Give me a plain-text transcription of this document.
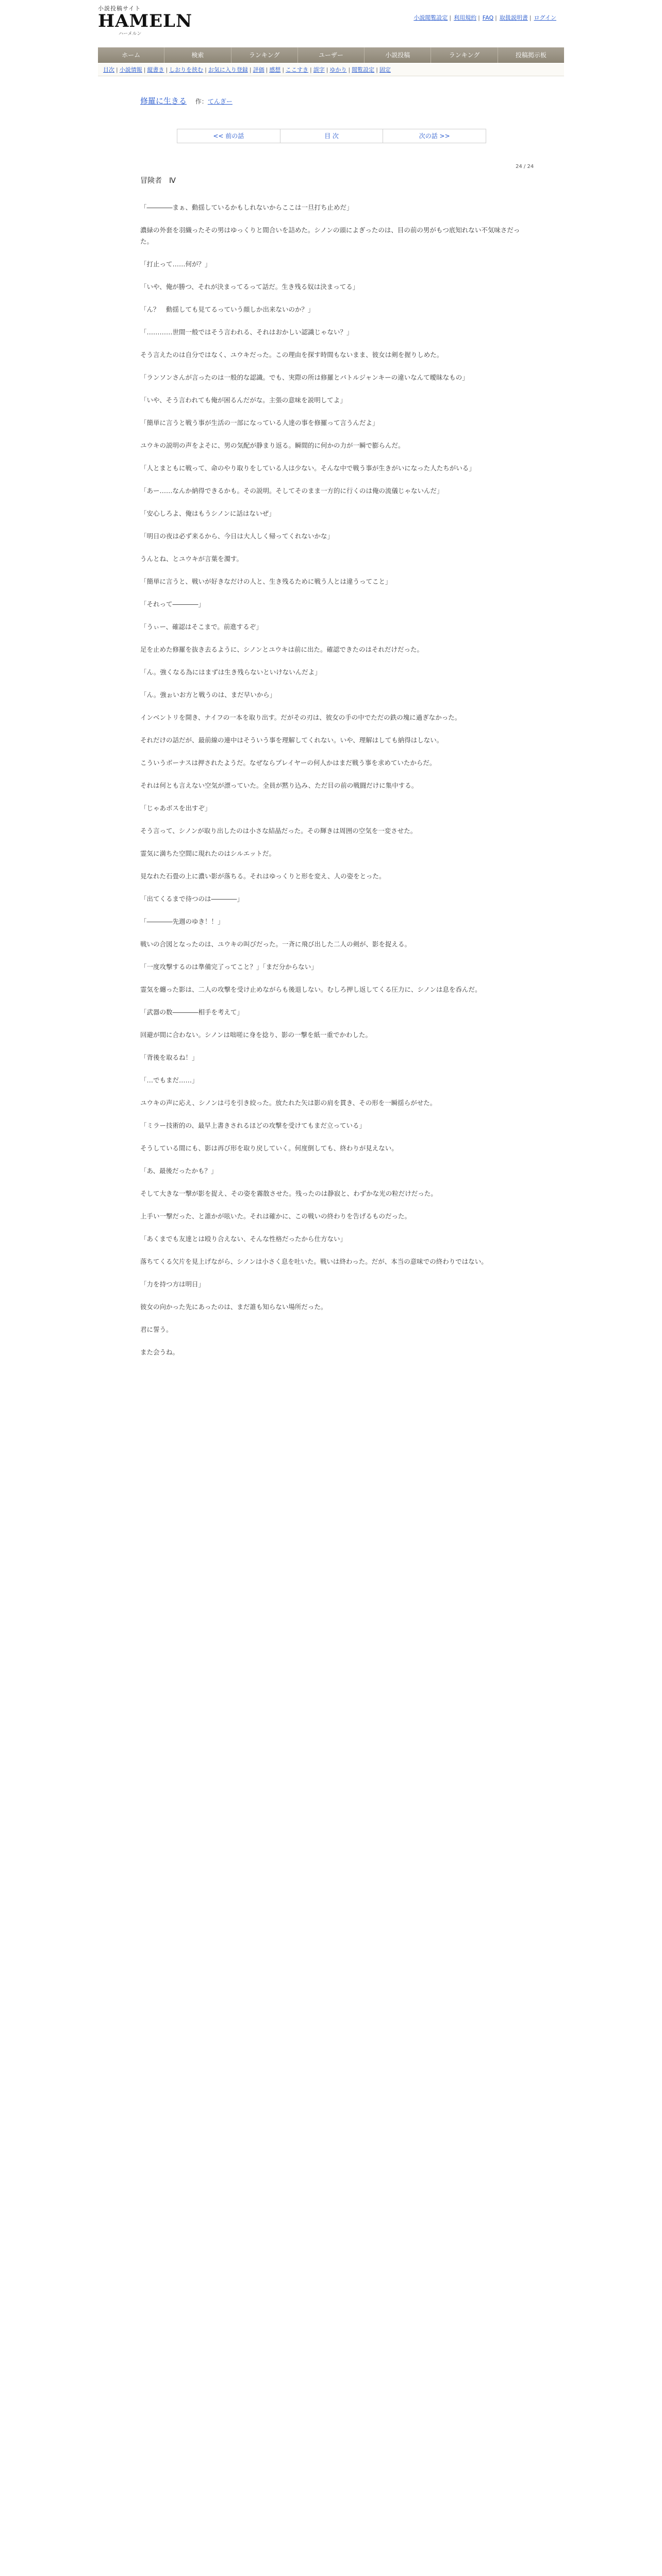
小説投稿サイト
HAMELN
ハーメルン
小説閲覧設定 | 利用規約 | FAQ | 取扱説明書 | ログイン
ホーム	検索	ランキング	ユーザー	小説投稿	ランキング	投稿掲示板
目次 | 小説情報 | 縦書き | しおりを挟む | お気に入り登録 | 評価 | 感想 | ここすき | 誤字 | ゆかり | 閲覧設定 | 固定
修羅に生きる 作：てんぎー
<< 前の話	目 次	次の話 >>
24 / 24
冒険者　Ⅳ

「――――まぁ、動揺しているかもしれないからここは一旦打ち止めだ」

濃緑の外套を羽織ったその男はゆっくりと間合いを詰めた。シノンの頭によぎったのは、目の前の男がもつ底知れない不気味さだった。

「打止って……何が？」

「いや、俺が勝つ、それが決まってるって話だ。生き残る奴は決まってる」

「ん？　動揺しても見てるっていう顔しか出来ないのか？」

「…………世間一般ではそう言われる、それはおかしい認識じゃない？」

そう言えたのは自分ではなく、ユウキだった。この理由を探す時間もないまま、彼女は剣を握りしめた。

「ランソンさんが言ったのは一般的な認識。でも、実際の所は修羅とバトルジャンキーの違いなんて曖昧なもの」

「いや、そう言われても俺が困るんだがな。主張の意味を説明してよ」

「簡単に言うと戦う事が生活の一部になっている人達の事を修羅って言うんだよ」

ユウキの説明の声をよそに、男の気配が静まり返る。瞬間的に何かの力が一瞬で膨らんだ。

「人とまともに戦って、命のやり取りをしている人は少ない。そんな中で戦う事が生きがいになった人たちがいる」

「あー……なんか納得できるかも。その説明。そしてそのまま一方的に行くのは俺の流儀じゃないんだ」

「安心しろよ、俺はもうシノンに話はないぜ」

「明日の夜は必ず来るから、今日は大人しく帰ってくれないかな」

うんとね、とユウキが言葉を濁す。

「簡単に言うと、戦いが好きなだけの人と、生き残るために戦う人とは違うってこと」

「それって――――」

「うぃー、確認はそこまで。前進するぞ」

足を止めた修羅を抜き去るように、シノンとユウキは前に出た。確認できたのはそれだけだった。

「ん。強くなる為にはまずは生き残らないといけないんだよ」

「ん。強ぉいお方と戦うのは、まだ早いから」

インベントリを開き、ナイフの一本を取り出す。だがその刃は、彼女の手の中でただの鉄の塊に過ぎなかった。

それだけの話だが、最前線の連中はそういう事を理解してくれない。いや、理解はしても納得はしない。

こういうボーナスは押されたようだ。なぜならプレイヤーの何人かはまだ戦う事を求めていたからだ。

それは何とも言えない空気が漂っていた。全員が黙り込み、ただ目の前の戦闘だけに集中する。

「じゃあボスを出すぞ」

そう言って、シノンが取り出したのは小さな結晶だった。その輝きは周囲の空気を一変させた。

霊気に満ちた空間に現れたのはシルエットだ。

見なれた石畳の上に濃い影が落ちる。それはゆっくりと形を変え、人の姿をとった。

「出てくるまで待つのは――――」

「――――先週のゆき！！」

戦いの合図となったのは、ユウキの叫びだった。一斉に飛び出した二人の剣が、影を捉える。

「一度攻撃するのは準備完了ってこと？」「まだ分からない」

霊気を纏った影は、二人の攻撃を受け止めながらも後退しない。むしろ押し返してくる圧力に、シノンは息を呑んだ。

「武器の数――――相手を考えて」

回避が間に合わない。シノンは咄嗟に身を捻り、影の一撃を紙一重でかわした。

「背後を取るね！」

「…でもまだ……」

ユウキの声に応え、シノンは弓を引き絞った。放たれた矢は影の肩を貫き、その形を一瞬揺らがせた。

「ミラー技術的の、最早上書きされるほどの攻撃を受けてもまだ立っている」

そうしている間にも、影は再び形を取り戻していく。何度倒しても、終わりが見えない。

「あ、最後だったかも？」

そして大きな一撃が影を捉え、その姿を霧散させた。残ったのは静寂と、わずかな光の粒だけだった。

上手い一撃だった、と誰かが呟いた。それは確かに、この戦いの終わりを告げるものだった。

「あくまでも友達とは殴り合えない、そんな性格だったから仕方ない」

落ちてくる欠片を見上げながら、シノンは小さく息を吐いた。戦いは終わった。だが、本当の意味での終わりではない。

「力を持つ方は明日」

彼女の向かった先にあったのは、まだ誰も知らない場所だった。

君に誓う。

また会うね。
